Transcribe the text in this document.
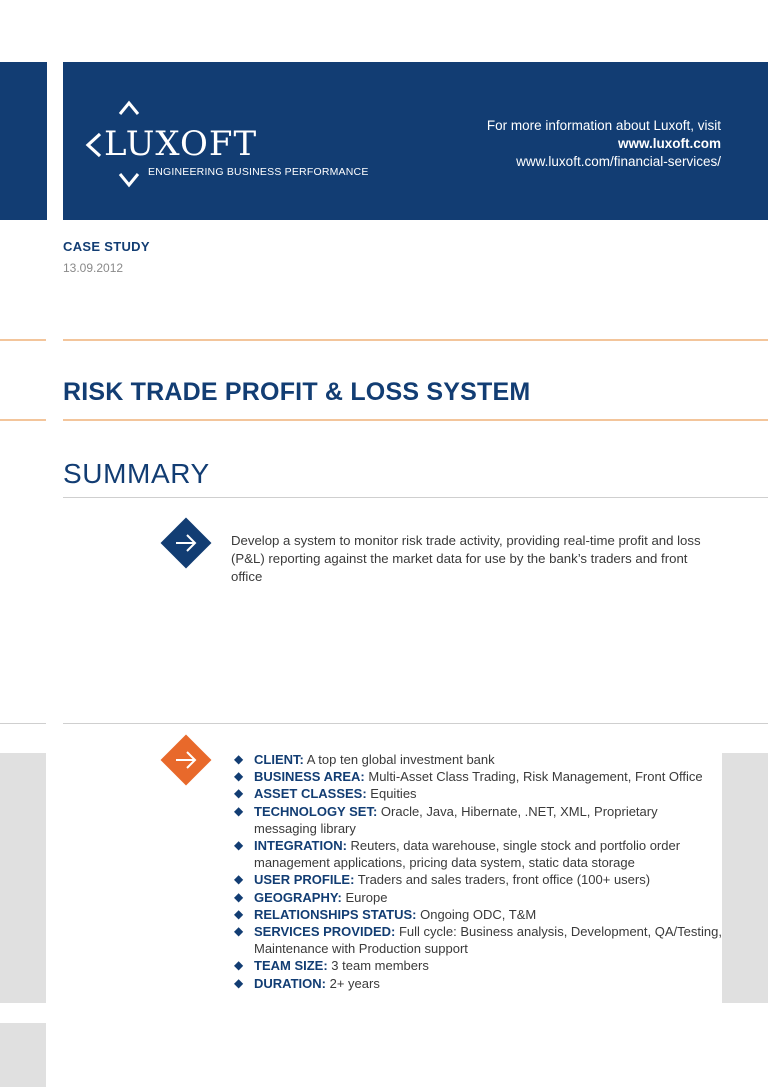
LUXOFT
ENGINEERING BUSINESS PERFORMANCE
For more information about Luxoft, visit
www.luxoft.com
www.luxoft.com/financial-services/
CASE STUDY
13.09.2012
RISK TRADE PROFIT & LOSS SYSTEM
SUMMARY
Develop a system to monitor risk trade activity, providing real-time profit and loss (P&L) reporting against the market data for use by the bank’s traders and front office
◆ CLIENT: A top ten global investment bank
◆ BUSINESS AREA: Multi-Asset Class Trading, Risk Management, Front Office
◆ ASSET CLASSES: Equities
◆ TECHNOLOGY SET: Oracle, Java, Hibernate, .NET, XML, Proprietary messaging library
◆ INTEGRATION: Reuters, data warehouse, single stock and portfolio order management applications, pricing data system, static data storage
◆ USER PROFILE: Traders and sales traders, front office (100+ users)
◆ GEOGRAPHY: Europe
◆ RELATIONSHIPS STATUS: Ongoing ODC, T&M
◆ SERVICES PROVIDED: Full cycle: Business analysis, Development, QA/Testing, Maintenance with Production support
◆ TEAM SIZE: 3 team members
◆ DURATION: 2+ years
